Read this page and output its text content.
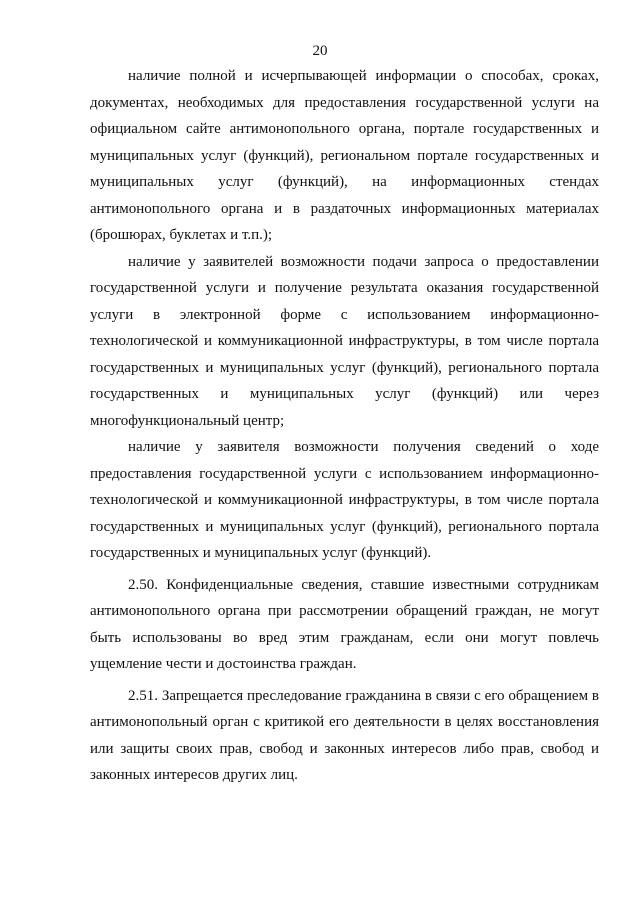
20

наличие полной и исчерпывающей информации о способах, сроках, документах, необходимых для предоставления государственной услуги на официальном сайте антимонопольного органа, портале государственных и муниципальных услуг (функций), региональном портале государственных и муниципальных услуг (функций), на информационных стендах антимонопольного органа и в раздаточных информационных материалах (брошюрах, буклетах и т.п.);

наличие у заявителей возможности подачи запроса о предоставлении государственной услуги и получение результата оказания государственной услуги в электронной форме с использованием информационно-технологической и коммуникационной инфраструктуры, в том числе портала государственных и муниципальных услуг (функций), регионального портала государственных и муниципальных услуг (функций) или через многофункциональный центр;

наличие у заявителя возможности получения сведений о ходе предоставления государственной услуги с использованием информационно-технологической и коммуникационной инфраструктуры, в том числе портала государственных и муниципальных услуг (функций), регионального портала государственных и муниципальных услуг (функций).

2.50. Конфиденциальные сведения, ставшие известными сотрудникам антимонопольного органа при рассмотрении обращений граждан, не могут быть использованы во вред этим гражданам, если они могут повлечь ущемление чести и достоинства граждан.

2.51. Запрещается преследование гражданина в связи с его обращением в антимонопольный орган с критикой его деятельности в целях восстановления или защиты своих прав, свобод и законных интересов либо прав, свобод и законных интересов других лиц.
